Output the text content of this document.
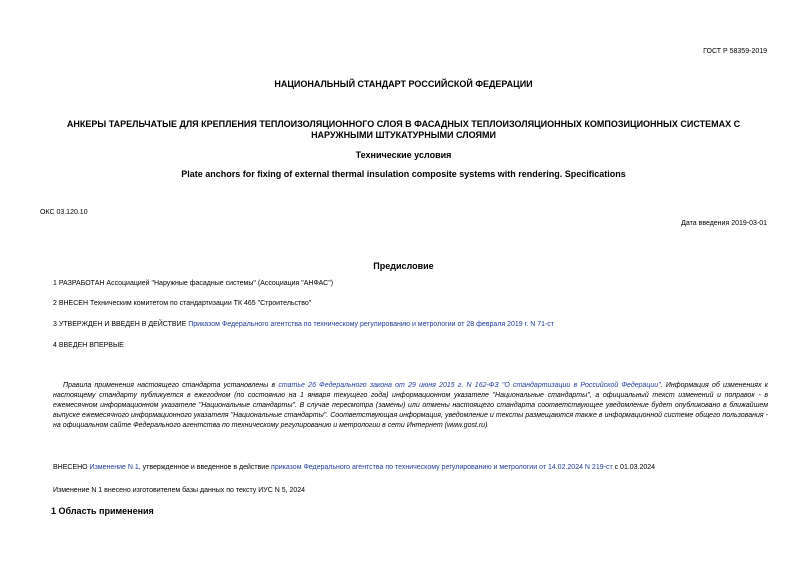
ГОСТ Р 58359-2019
НАЦИОНАЛЬНЫЙ СТАНДАРТ РОССИЙСКОЙ ФЕДЕРАЦИИ
АНКЕРЫ ТАРЕЛЬЧАТЫЕ ДЛЯ КРЕПЛЕНИЯ ТЕПЛОИЗОЛЯЦИОННОГО СЛОЯ В ФАСАДНЫХ ТЕПЛОИЗОЛЯЦИОННЫХ КОМПОЗИЦИОННЫХ СИСТЕМАХ С НАРУЖНЫМИ ШТУКАТУРНЫМИ СЛОЯМИ
Технические условия
Plate anchors for fixing of external thermal insulation composite systems with rendering. Specifications
ОКС 03.120.10
Дата введения 2019-03-01
Предисловие
1 РАЗРАБОТАН Ассоциацией "Наружные фасадные системы" (Ассоциация "АНФАС")
2 ВНЕСЕН Техническим комитетом по стандартизации ТК 465 "Строительство"
3 УТВЕРЖДЕН И ВВЕДЕН В ДЕЙСТВИЕ Приказом Федерального агентства по техническому регулированию и метрологии от 28 февраля 2019 г. N 71-ст
4 ВВЕДЕН ВПЕРВЫЕ
Правила применения настоящего стандарта установлены в статье 26 Федерального закона от 29 июня 2015 г. N 162-ФЗ "О стандартизации в Российской Федерации". Информация об изменениях к настоящему стандарту публикуется в ежегодном (по состоянию на 1 января текущего года) информационном указателе "Национальные стандарты", а официальный текст изменений и поправок - в ежемесячном информационном указателе "Национальные стандарты". В случае пересмотра (замены) или отмены настоящего стандарта соответствующее уведомление будет опубликовано в ближайшем выпуске ежемесячного информационного указателя "Национальные стандарты". Соответствующая информация, уведомление и тексты размещаются также в информационной системе общего пользования - на официальном сайте Федерального агентства по техническому регулированию и метрологии в сети Интернет (www.gost.ru)
ВНЕСЕНО Изменение N 1, утвержденное и введенное в действие приказом Федерального агентства по техническому регулированию и метрологии от 14.02.2024 N 219-ст с 01.03.2024
Изменение N 1 внесено изготовителем базы данных по тексту ИУС N 5, 2024
1 Область применения
